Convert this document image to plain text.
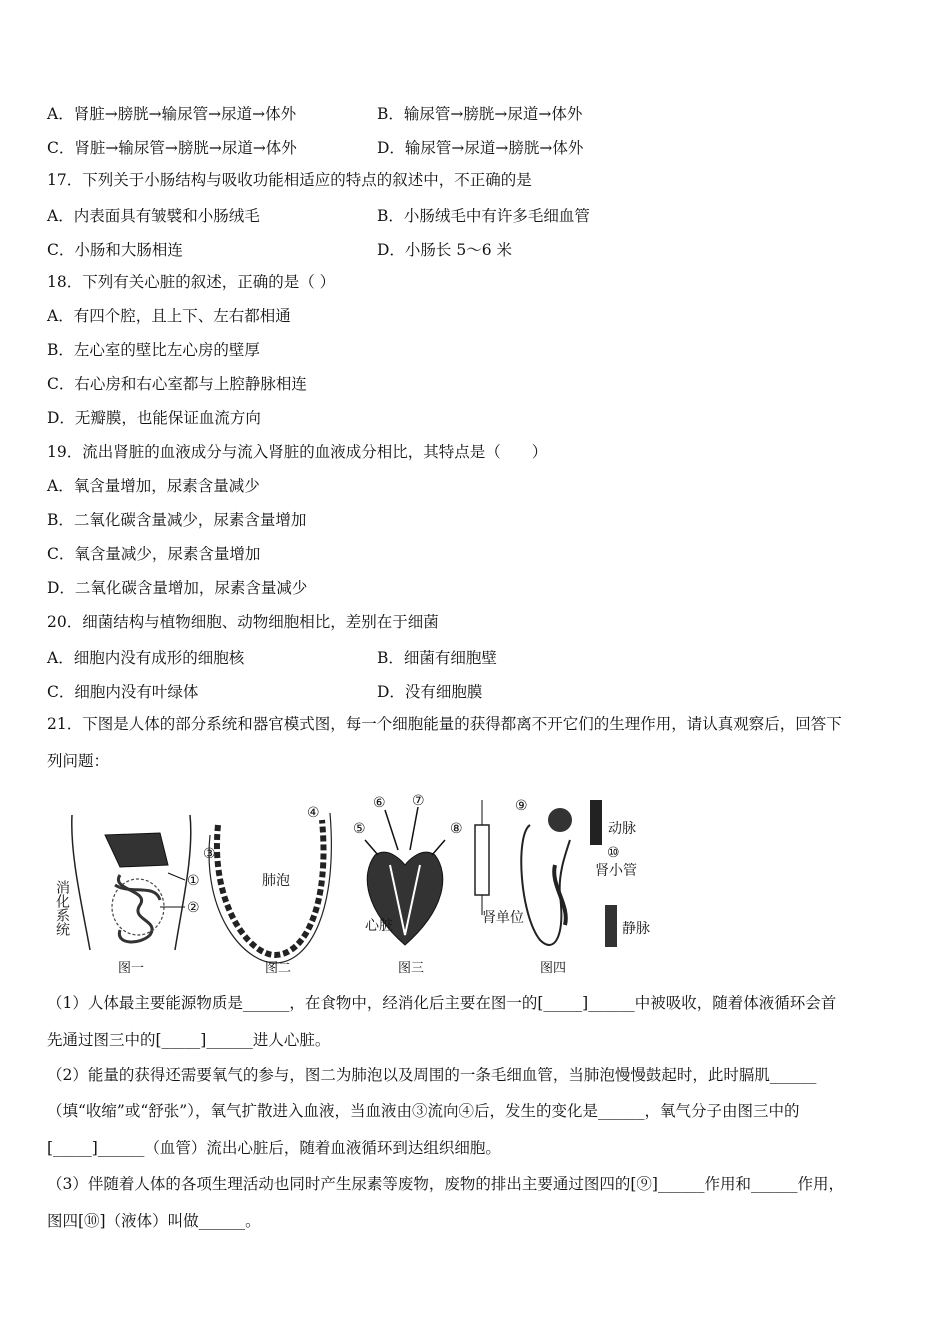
A．肾脏→膀胱→输尿管→尿道→体外	B．输尿管→膀胱→尿道→体外
C．肾脏→输尿管→膀胱→尿道→体外	D．输尿管→尿道→膀胱→体外
17．下列关于小肠结构与吸收功能相适应的特点的叙述中，不正确的是
A．内表面具有皱襞和小肠绒毛	B．小肠绒毛中有许多毛细血管
C．小肠和大肠相连	D．小肠长 5～6 米
18．下列有关心脏的叙述，正确的是（ ）
A．有四个腔，且上下、左右都相通
B．左心室的壁比左心房的壁厚
C．右心房和右心室都与上腔静脉相连
D．无瓣膜，也能保证血流方向
19．流出肾脏的血液成分与流入肾脏的血液成分相比，其特点是（　　）
A．氧含量增加，尿素含量减少
B．二氧化碳含量减少，尿素含量增加
C．氧含量减少，尿素含量增加
D．二氧化碳含量增加，尿素含量减少
20．细菌结构与植物细胞、动物细胞相比，差别在于细菌
A．细胞内没有成形的细胞核	B．细菌有细胞壁
C．细胞内没有叶绿体	D．没有细胞膜
21．下图是人体的部分系统和器官模式图，每一个细胞能量的获得都离不开它们的生理作用，请认真观察后，回答下
列问题：
①
②
消化系统
图一
肺泡
③
④
图二
⑤
⑥ ⑦
⑧
心脏
图三
⑨
⑩
动脉
肾小管
肾单位
静脉
图四
（1）人体最主要能源物质是______，在食物中，经消化后主要在图一的[_____]______中被吸收，随着体液循环会首
先通过图三中的[_____]______进人心脏。
（2）能量的获得还需要氧气的参与，图二为肺泡以及周围的一条毛细血管，当肺泡慢慢鼓起时，此时膈肌______
（填“收缩”或“舒张”），氧气扩散进入血液，当血液由③流向④后，发生的变化是______，氧气分子由图三中的
[_____]______（血管）流出心脏后，随着血液循环到达组织细胞。
（3）伴随着人体的各项生理活动也同时产生尿素等废物，废物的排出主要通过图四的[⑨]______作用和______作用，
图四[⑩]（液体）叫做______。
